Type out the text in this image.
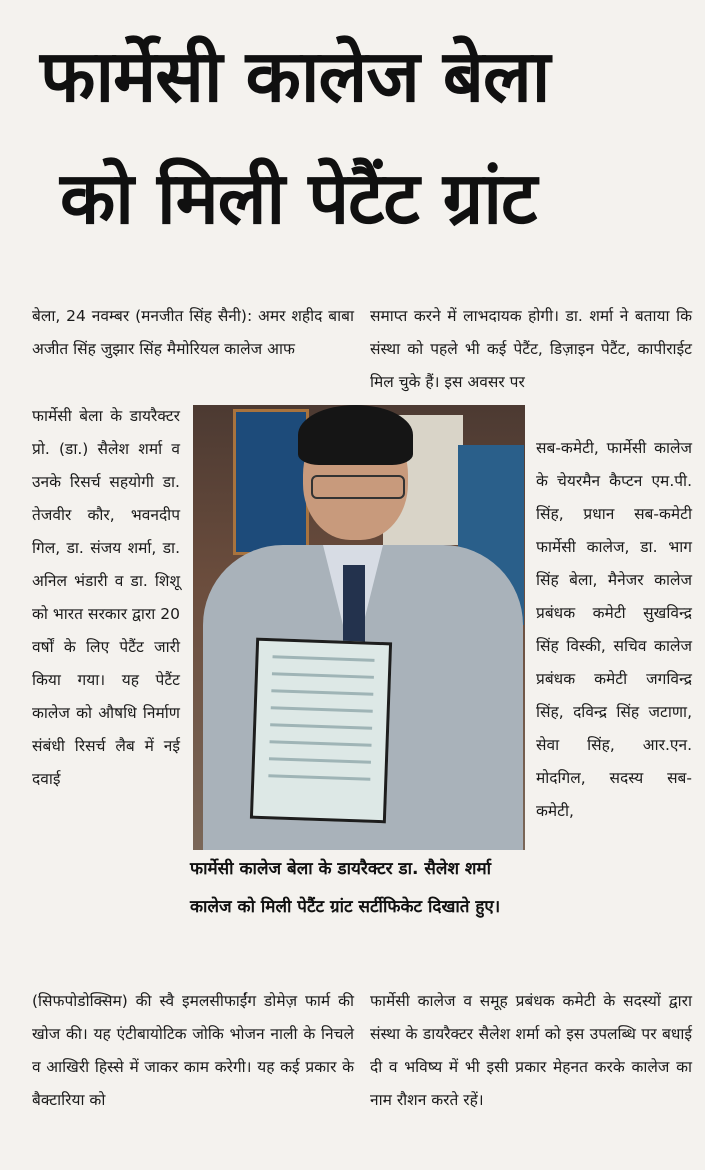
फार्मेसी कालेज बेला
को मिली पेटैंट ग्रांट
बेला, 24 नवम्बर (मनजीत सिंह सैनी): अमर शहीद बाबा अजीत सिंह जुझार सिंह मैमोरियल कालेज आफ
समाप्त करने में लाभदायक होगी। डा. शर्मा ने बताया कि संस्था को पहले भी कई पेटैंट, डिज़ाइन पेटैंट, कापीराईट मिल चुके हैं। इस अवसर पर
फार्मेसी बेला के डायरैक्टर प्रो. (डा.) सैलेश शर्मा व उनके रिसर्च सहयोगी डा. तेजवीर कौर, भवनदीप गिल, डा. संजय शर्मा, डा. अनिल भंडारी व डा. शिशू को भारत सरकार द्वारा 20 वर्षों के लिए पेटैंट जारी किया गया। यह पेटैंट कालेज को औषधि निर्माण संबंधी रिसर्च लैब में नई दवाई
सब-कमेटी, फार्मेसी कालेज के चेयरमैन कैप्टन एम.पी. सिंह, प्रधान सब-कमेटी फार्मेसी कालेज, डा. भाग सिंह बेला, मैनेजर कालेज प्रबंधक कमेटी सुखविन्द्र सिंह विस्की, सचिव कालेज प्रबंधक कमेटी जगविन्द्र सिंह, दविन्द्र सिंह जटाणा, सेवा सिंह, आर.एन. मोदगिल, सदस्य सब-कमेटी,
फार्मेसी कालेज बेला के डायरैक्टर डा. सैलेश शर्मा कालेज को मिली पेटैंट ग्रांट सर्टीफिकेट दिखाते हुए।
(सिफपोडोक्सिम) की स्वै इमलसीफाईंग डोमेज़ फार्म की खोज की। यह एंटीबायोटिक जोकि भोजन नाली के निचले व आखिरी हिस्से में जाकर काम करेगी। यह कई प्रकार के बैक्टारिया को
फार्मेसी कालेज व समूह प्रबंधक कमेटी के सदस्यों द्वारा संस्था के डायरैक्टर सैलेश शर्मा को इस उपलब्धि पर बधाई दी व भविष्य में भी इसी प्रकार मेहनत करके कालेज का नाम रौशन करते रहें।
